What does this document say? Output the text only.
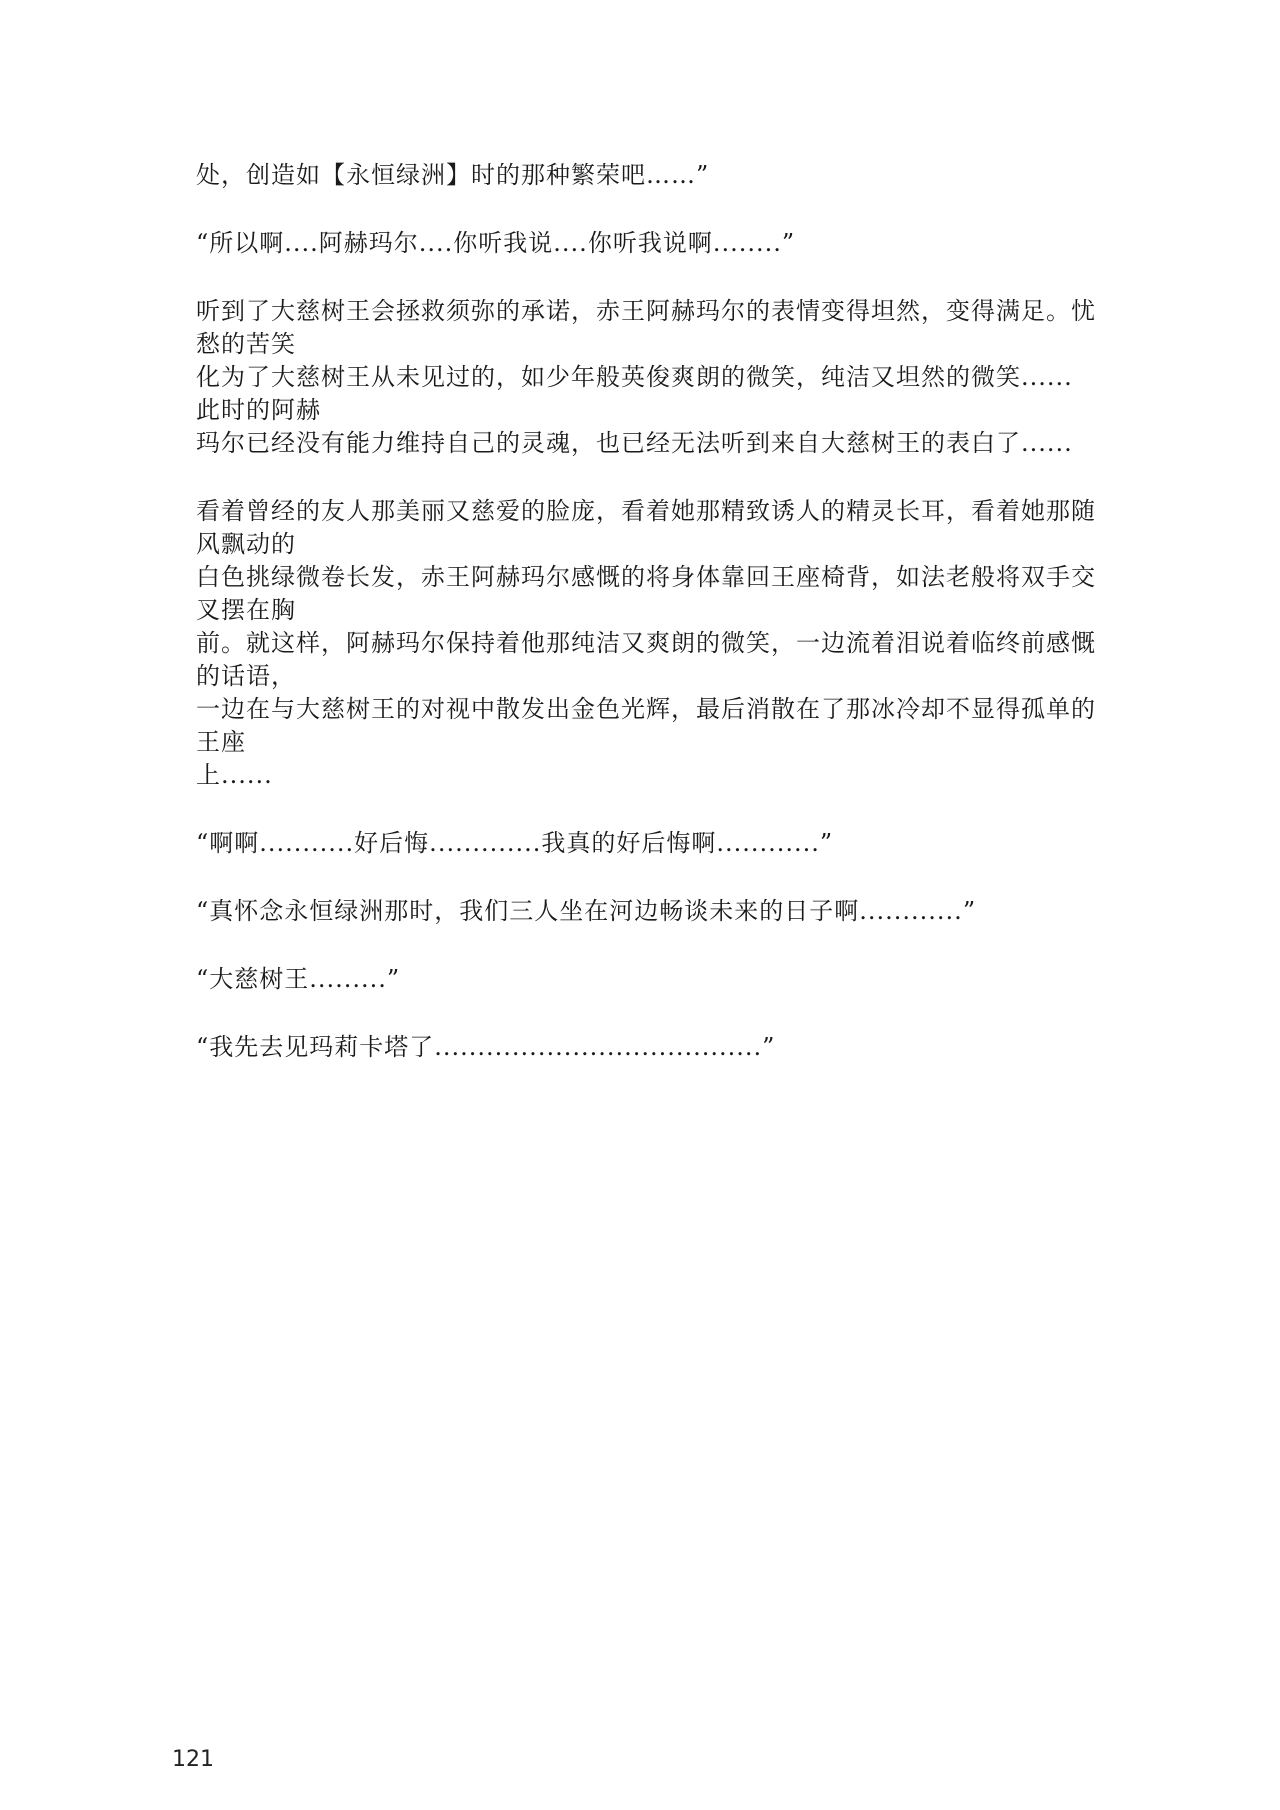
处，创造如【永恒绿洲】时的那种繁荣吧……”
“所以啊....阿赫玛尔....你听我说....你听我说啊........”
听到了大慈树王会拯救须弥的承诺，赤王阿赫玛尔的表情变得坦然，变得满足。忧愁的苦笑
化为了大慈树王从未见过的，如少年般英俊爽朗的微笑，纯洁又坦然的微笑......此时的阿赫
玛尔已经没有能力维持自己的灵魂，也已经无法听到来自大慈树王的表白了......
看着曾经的友人那美丽又慈爱的脸庞，看着她那精致诱人的精灵长耳，看着她那随风飘动的
白色挑绿微卷长发，赤王阿赫玛尔感慨的将身体靠回王座椅背，如法老般将双手交叉摆在胸
前。就这样，阿赫玛尔保持着他那纯洁又爽朗的微笑，一边流着泪说着临终前感慨的话语，
一边在与大慈树王的对视中散发出金色光辉，最后消散在了那冰冷却不显得孤单的王座
上......
“啊啊...........好后悔.............我真的好后悔啊............”
“真怀念永恒绿洲那时，我们三人坐在河边畅谈未来的日子啊............”
“大慈树王.........”
“我先去见玛莉卡塔了......................................”
121
